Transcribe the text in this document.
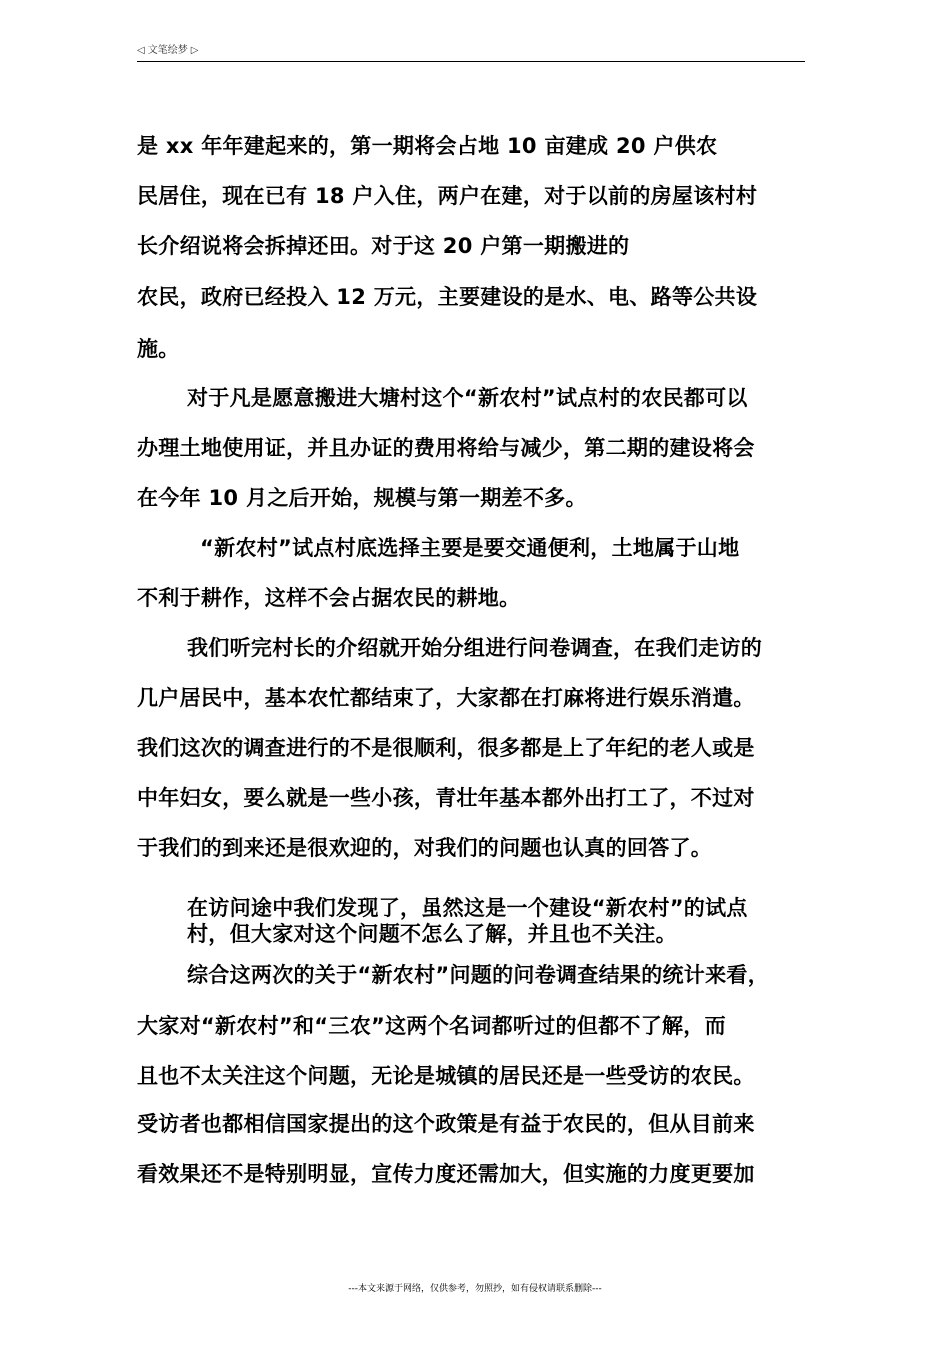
◁ 文笔绘梦 ▷
是 xx 年年建起来的，第一期将会占地 10 亩建成 20 户供农
民居住，现在已有 18 户入住，两户在建，对于以前的房屋该村村
长介绍说将会拆掉还田。对于这 20 户第一期搬进的
农民，政府已经投入 12 万元，主要建设的是水、电、路等公共设
施。
对于凡是愿意搬进大塘村这个“新农村”试点村的农民都可以
办理土地使用证，并且办证的费用将给与减少，第二期的建设将会
在今年 10 月之后开始，规模与第一期差不多。
“新农村”试点村底选择主要是要交通便利，土地属于山地
不利于耕作，这样不会占据农民的耕地。
我们听完村长的介绍就开始分组进行问卷调查，在我们走访的
几户居民中，基本农忙都结束了，大家都在打麻将进行娱乐消遣。
我们这次的调查进行的不是很顺利，很多都是上了年纪的老人或是
中年妇女，要么就是一些小孩，青壮年基本都外出打工了，不过对
于我们的到来还是很欢迎的，对我们的问题也认真的回答了。
在访问途中我们发现了，虽然这是一个建设“新农村”的试点
村，但大家对这个问题不怎么了解，并且也不关注。
综合这两次的关于“新农村”问题的问卷调查结果的统计来看，
大家对“新农村”和“三农”这两个名词都听过的但都不了解，而
且也不太关注这个问题，无论是城镇的居民还是一些受访的农民。
受访者也都相信国家提出的这个政策是有益于农民的，但从目前来
看效果还不是特别明显，宣传力度还需加大，但实施的力度更要加
---本文来源于网络，仅供参考，勿照抄，如有侵权请联系删除---
